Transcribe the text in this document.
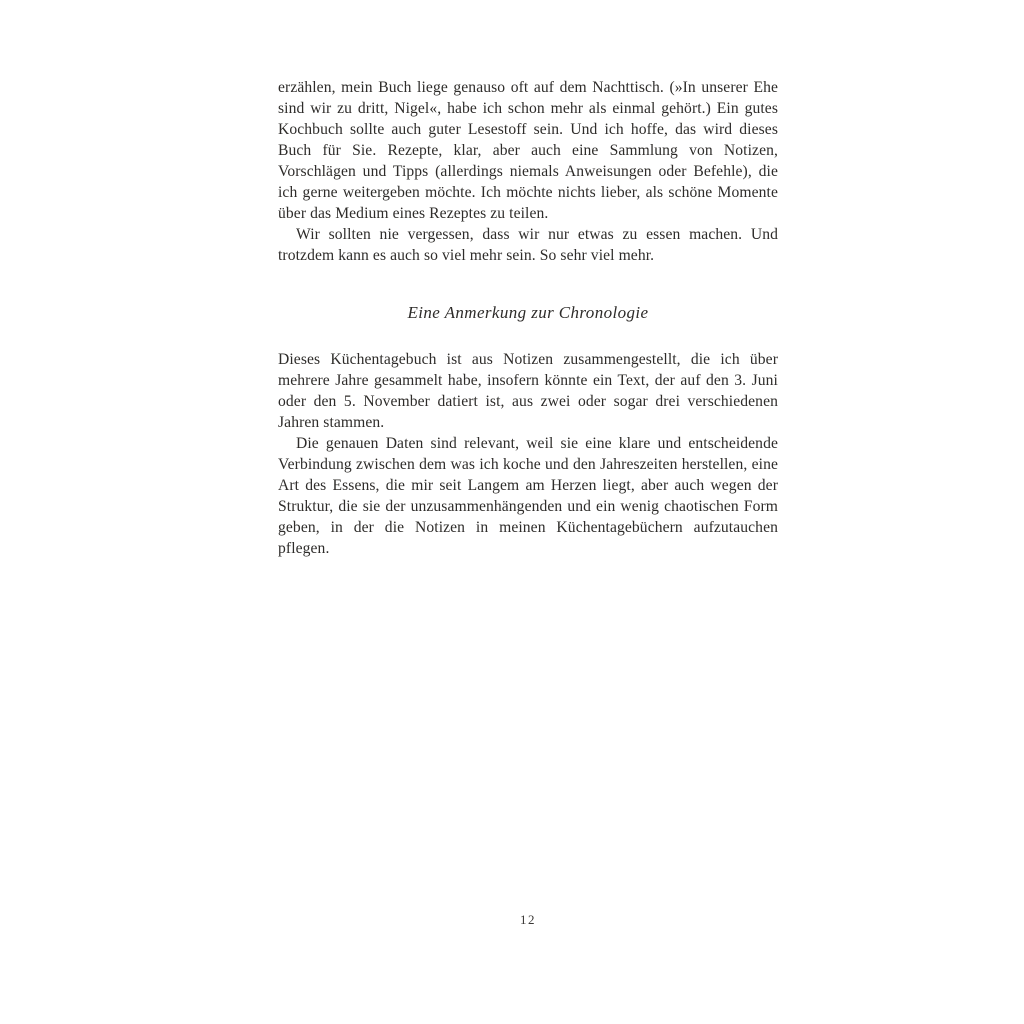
erzählen, mein Buch liege genauso oft auf dem Nachttisch. (»In unserer Ehe sind wir zu dritt, Nigel«, habe ich schon mehr als einmal gehört.) Ein gutes Kochbuch sollte auch guter Lesestoff sein. Und ich hoffe, das wird dieses Buch für Sie. Rezepte, klar, aber auch eine Sammlung von Notizen, Vorschlägen und Tipps (allerdings niemals Anweisungen oder Befehle), die ich gerne weitergeben möchte. Ich möchte nichts lieber, als schöne Momente über das Medium eines Rezeptes zu teilen.

Wir sollten nie vergessen, dass wir nur etwas zu essen machen. Und trotzdem kann es auch so viel mehr sein. So sehr viel mehr.

Eine Anmerkung zur Chronologie

Dieses Küchentagebuch ist aus Notizen zusammengestellt, die ich über mehrere Jahre gesammelt habe, insofern könnte ein Text, der auf den 3. Juni oder den 5. November datiert ist, aus zwei oder sogar drei verschiedenen Jahren stammen.

Die genauen Daten sind relevant, weil sie eine klare und entscheidende Verbindung zwischen dem was ich koche und den Jahreszeiten herstellen, eine Art des Essens, die mir seit Langem am Herzen liegt, aber auch wegen der Struktur, die sie der unzusammenhängenden und ein wenig chaotischen Form geben, in der die Notizen in meinen Küchentagebüchern aufzutauchen pflegen.

12
